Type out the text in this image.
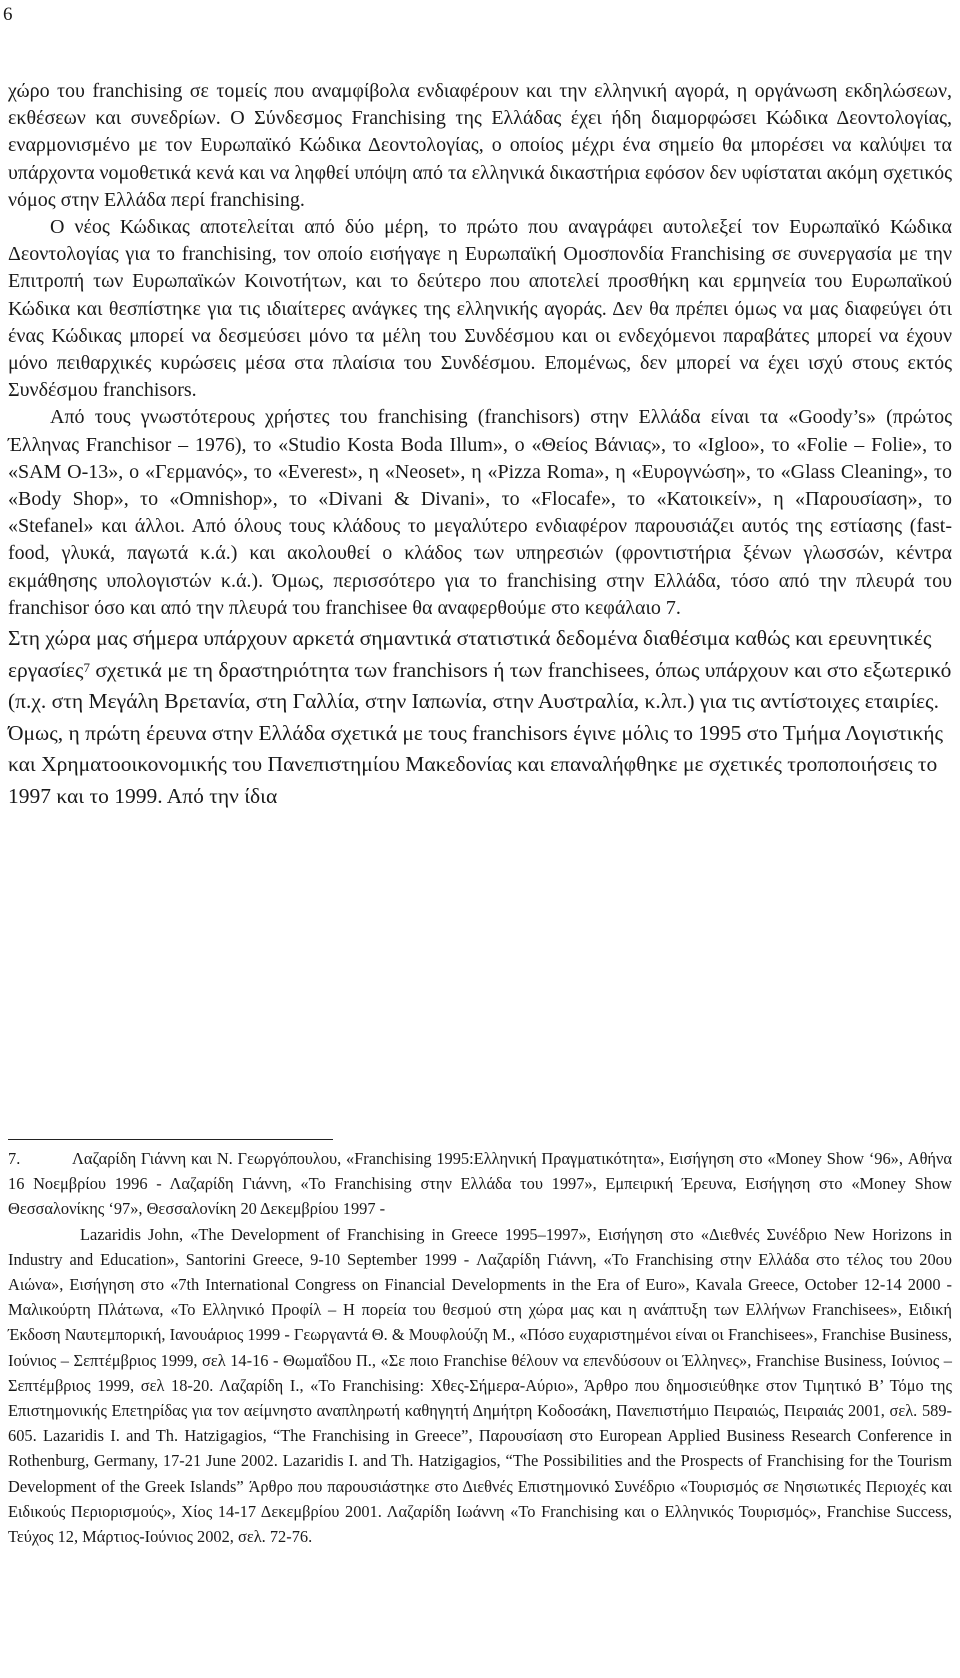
6

χώρο του franchising σε τομείς που αναμφίβολα ενδιαφέρουν και την ελληνική αγορά, η οργάνωση εκδηλώσεων, εκθέσεων και συνεδρίων. Ο Σύνδεσμος Franchising της Ελλάδας έχει ήδη διαμορφώσει Κώδικα Δεοντολογίας, εναρμονισμένο με τον Ευρωπαϊκό Κώδικα Δεοντολογίας, ο οποίος μέχρι ένα σημείο θα μπορέσει να καλύψει τα υπάρχοντα νομοθετικά κενά και να ληφθεί υπόψη από τα ελληνικά δικαστήρια εφόσον δεν υφίσταται ακόμη σχετικός νόμος στην Ελλάδα περί franchising.

Ο νέος Κώδικας αποτελείται από δύο μέρη, το πρώτο που αναγράφει αυτολεξεί τον Ευρωπαϊκό Κώδικα Δεοντολογίας για το franchising, τον οποίο εισήγαγε η Ευρωπαϊκή Ομοσπονδία Franchising σε συνεργασία με την Επιτροπή των Ευρωπαϊκών Κοινοτήτων, και το δεύτερο που αποτελεί προσθήκη και ερμηνεία του Ευρωπαϊκού Κώδικα και θεσπίστηκε για τις ιδιαίτερες ανάγκες της ελληνικής αγοράς. Δεν θα πρέπει όμως να μας διαφεύγει ότι ένας Κώδικας μπορεί να δεσμεύσει μόνο τα μέλη του Συνδέσμου και οι ενδεχόμενοι παραβάτες μπορεί να έχουν μόνο πειθαρχικές κυρώσεις μέσα στα πλαίσια του Συνδέσμου. Επομένως, δεν μπορεί να έχει ισχύ στους εκτός Συνδέσμου franchisors.

Από τους γνωστότερους χρήστες του franchising (franchisors) στην Ελλάδα είναι τα «Goody’s» (πρώτος Έλληνας Franchisor – 1976), το «Studio Kosta Boda Illum», ο «Θείος Βάνιας», το «Igloo», το «Folie – Folie», το «SAM O-13», ο «Γερμανός», το «Everest», η «Neoset», η «Pizza Roma», η «Ευρογνώση», το «Glass Cleaning», το «Body Shop», το «Omnishop», το «Divani & Divani», το «Flocafe», το «Κατοικείν», η «Παρουσίαση», το «Stefanel» και άλλοι. Από όλους τους κλάδους το μεγαλύτερο ενδιαφέρον παρουσιάζει αυτός της εστίασης (fast-food, γλυκά, παγωτά κ.ά.) και ακολουθεί ο κλάδος των υπηρεσιών (φροντιστήρια ξένων γλωσσών, κέντρα εκμάθησης υπολογιστών κ.ά.). Όμως, περισσότερο για το franchising στην Ελλάδα, τόσο από την πλευρά του franchisor όσο και από την πλευρά του franchisee θα αναφερθούμε στο κεφάλαιο 7.

Στη χώρα μας σήμερα υπάρχουν αρκετά σημαντικά στατιστικά δεδομένα διαθέσιμα καθώς και ερευνητικές εργασίες$^7$ σχετικά με τη δραστηριότητα των franchisors ή των franchisees, όπως υπάρχουν και στο εξωτερικό (π.χ. στη Μεγάλη Βρετανία, στη Γαλλία, στην Ιαπωνία, στην Αυστραλία, κ.λπ.) για τις αντίστοιχες εταιρίες. Όμως, η πρώτη έρευνα στην Ελλάδα σχετικά με τους franchisors έγινε μόλις το 1995 στο Τμήμα Λογιστικής και Χρηματοοικονομικής του Πανεπιστημίου Μακεδονίας και επαναλήφθηκε με σχετικές τροποποιήσεις το 1997 και το 1999. Από την ίδια

7.	Λαζαρίδη Γιάννη και Ν. Γεωργόπουλου, «Franchising 1995:Ελληνική Πραγματικότητα», Εισήγηση στο «Money Show ‘96», Αθήνα 16 Νοεμβρίου 1996 - Λαζαρίδη Γιάννη, «Το Franchising στην Ελλάδα του 1997», Εμπειρική Έρευνα, Εισήγηση στο «Money Show Θεσσαλονίκης ‘97», Θεσσαλονίκη 20 Δεκεμβρίου 1997 -

Lazaridis John, «The Development of Franchising in Greece 1995–1997», Εισήγηση στο «Διεθνές Συνέδριο New Horizons in Industry and Education», Santorini Greece, 9-10 September 1999 - Λαζαρίδη Γιάννη, «Το Franchising στην Ελλάδα στο τέλος του 20ου Αιώνα», Εισήγηση στο «7th International Congress on Financial Developments in the Era of Euro», Kavala Greece, October 12-14 2000 - Μαλικούρτη Πλάτωνα, «Το Ελληνικό Προφίλ – Η πορεία του θεσμού στη χώρα μας και η ανάπτυξη των Ελλήνων Franchisees», Ειδική Έκδοση Ναυτεμπορική, Ιανουάριος 1999 - Γεωργαντά Θ. & Μουφλούζη Μ., «Πόσο ευχαριστημένοι είναι οι Franchisees», Franchise Business, Ιούνιος – Σεπτέμβριος 1999, σελ 14-16 - Θωμαΐδου Π., «Σε ποιο Franchise θέλουν να επενδύσουν οι Έλληνες», Franchise Business, Ιούνιος – Σεπτέμβριος 1999, σελ 18-20. Λαζαρίδη Ι., «Το Franchising: Χθες-Σήμερα-Αύριο», Άρθρο που δημοσιεύθηκε στον Τιμητικό Β’ Τόμο της Επιστημονικής Επετηρίδας για τον αείμνηστο αναπληρωτή καθηγητή Δημήτρη Κοδοσάκη, Πανεπιστήμιο Πειραιώς, Πειραιάς 2001, σελ. 589-605. Lazaridis I. and Th. Hatzigagios, “The Franchising in Greece”, Παρουσίαση στο European Applied Business Research Conference in Rothenburg, Germany, 17-21 June 2002. Lazaridis I. and Th. Hatzigagios, “The Possibilities and the Prospects of Franchising for the Tourism Development of the Greek Islands” Άρθρο που παρουσιάστηκε στο Διεθνές Επιστημονικό Συνέδριο «Τουρισμός σε Νησιωτικές Περιοχές και Ειδικούς Περιορισμούς», Χίος 14-17 Δεκεμβρίου 2001. Λαζαρίδη Ιωάννη «Το Franchising και ο Ελληνικός Τουρισμός», Franchise Success, Τεύχος 12, Μάρτιος-Ιούνιος 2002, σελ. 72-76.
